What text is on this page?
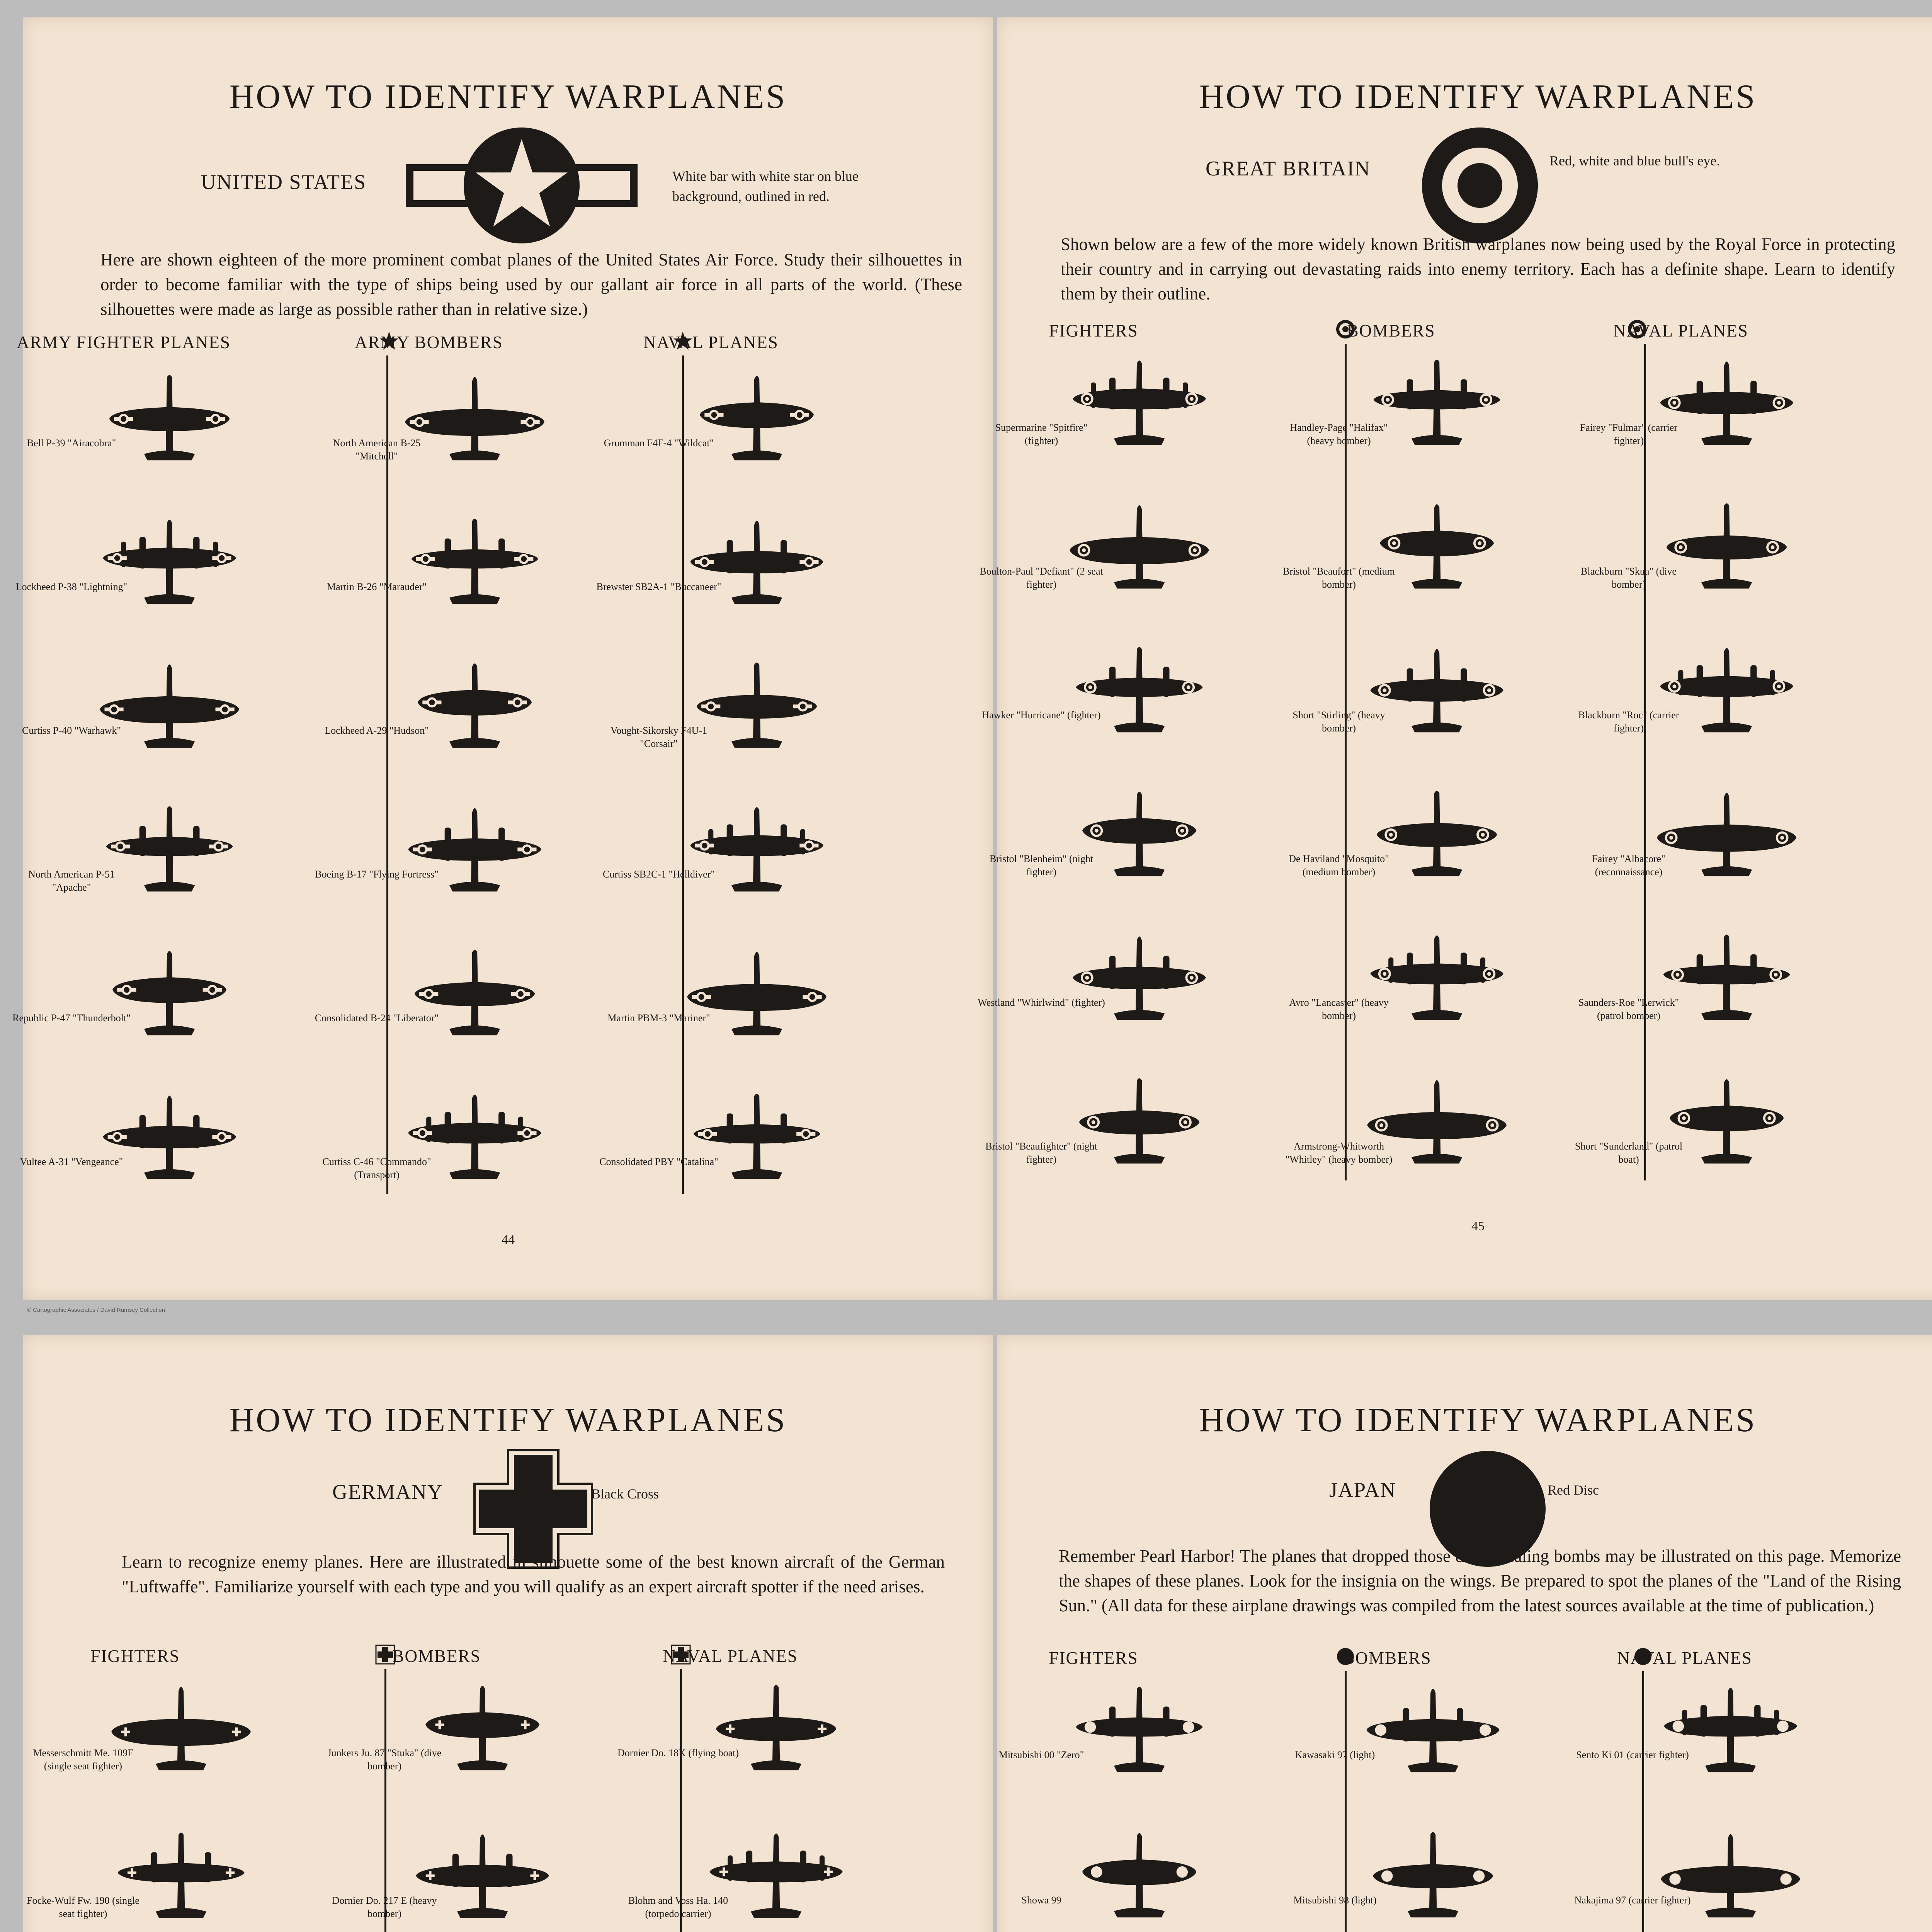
© Cartographic Associates / David Rumsey Collection
HOW TO IDENTIFY WARPLANES
UNITED STATES	White bar with white star on blue background, outlined in red.
Here are shown eighteen of the more prominent combat planes of the United States Air Force. Study their silhouettes in order to become familiar with the type of ships being used by our gallant air force in all parts of the world. (These silhouettes were made as large as possible rather than in relative size.)
ARMY FIGHTER PLANES
Bell P-39 "Airacobra"
Lockheed P-38 "Lightning"
Curtiss P-40 "Warhawk"
North American P-51 "Apache"
Republic P-47 "Thunderbolt"
Vultee A-31 "Vengeance"
ARMY BOMBERS
North American B-25 "Mitchell"
Martin B-26 "Marauder"
Lockheed A-29 "Hudson"
Boeing B-17 "Flying Fortress"
Consolidated B-24 "Liberator"
Curtiss C-46 "Commando" (Transport)
NAVAL PLANES
Grumman F4F-4 "Wildcat"
Brewster SB2A-1 "Buccaneer"
Vought-Sikorsky F4U-1 "Corsair"
Curtiss SB2C-1 "Helldiver"
Martin PBM-3 "Mariner"
Consolidated PBY "Catalina"
44
HOW TO IDENTIFY WARPLANES
GREAT BRITAIN	Red, white and blue bull's eye.
Shown below are a few of the more widely known British warplanes now being used by the Royal Force in protecting their country and in carrying out devastating raids into enemy territory. Each has a definite shape. Learn to identify them by their outline.
FIGHTERS
Supermarine "Spitfire" (fighter)
Boulton-Paul "Defiant" (2 seat fighter)
Hawker "Hurricane" (fighter)
Bristol "Blenheim" (night fighter)
Westland "Whirlwind" (fighter)
Bristol "Beaufighter" (night fighter)
BOMBERS
Handley-Page "Halifax" (heavy bomber)
Bristol "Beaufort" (medium bomber)
Short "Stirling" (heavy bomber)
De Haviland "Mosquito" (medium bomber)
Avro "Lancaster" (heavy bomber)
Armstrong-Whitworth "Whitley" (heavy bomber)
NAVAL PLANES
Fairey "Fulmar" (carrier fighter)
Blackburn "Skua" (dive bomber)
Blackburn "Roc" (carrier fighter)
Fairey "Albacore" (reconnaissance)
Saunders-Roe "Lerwick" (patrol bomber)
Short "Sunderland" (patrol boat)
45
HOW TO IDENTIFY WARPLANES
GERMANY	Black Cross
Learn to recognize enemy planes. Here are illustrated in silhouette some of the best known aircraft of the German "Luftwaffe". Familiarize yourself with each type and you will qualify as an expert aircraft spotter if the need arises.
FIGHTERS
Messerschmitt Me. 109F (single seat fighter)
Focke-Wulf Fw. 190 (single seat fighter)
BOMBERS
Junkers Ju. 87 "Stuka" (dive bomber)
Dornier Do. 217 E (heavy bomber)
NAVAL PLANES
Dornier Do. 18K (flying boat)
Blohm and Voss Ha. 140 (torpedo carrier)
HOW TO IDENTIFY WARPLANES
JAPAN	Red Disc
Remember Pearl Harbor! The planes that dropped those death dealing bombs may be illustrated on this page. Memorize the shapes of these planes. Look for the insignia on the wings. Be prepared to spot the planes of the "Land of the Rising Sun." (All data for these airplane drawings was compiled from the latest sources available at the time of publication.)
FIGHTERS
Mitsubishi 00 "Zero"
Showa 99
BOMBERS
Kawasaki 97 (light)
Mitsubishi 98 (light)
NAVAL PLANES
Sento Ki 01 (carrier fighter)
Nakajima 97 (carrier fighter)
